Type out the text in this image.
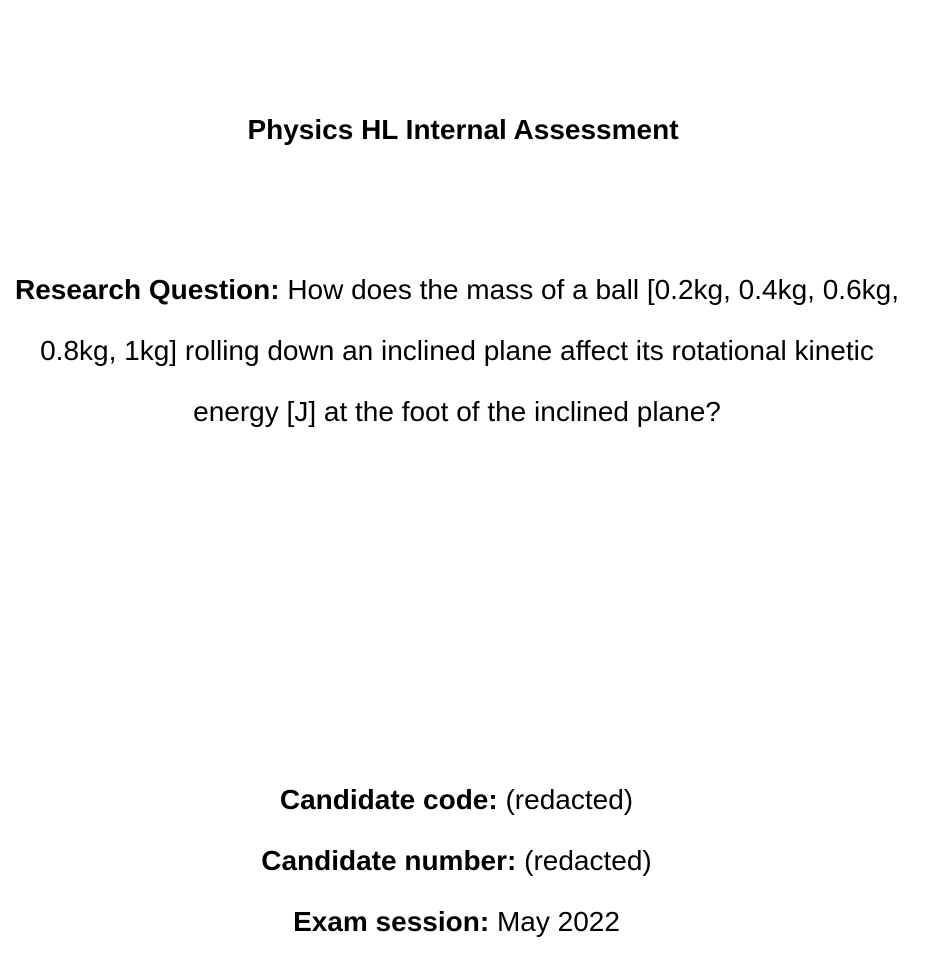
Physics HL Internal Assessment

Research Question: How does the mass of a ball [0.2kg, 0.4kg, 0.6kg, 0.8kg, 1kg] rolling down an inclined plane affect its rotational kinetic energy [J] at the foot of the inclined plane?

Candidate code: (redacted)

Candidate number: (redacted)

Exam session: May 2022
